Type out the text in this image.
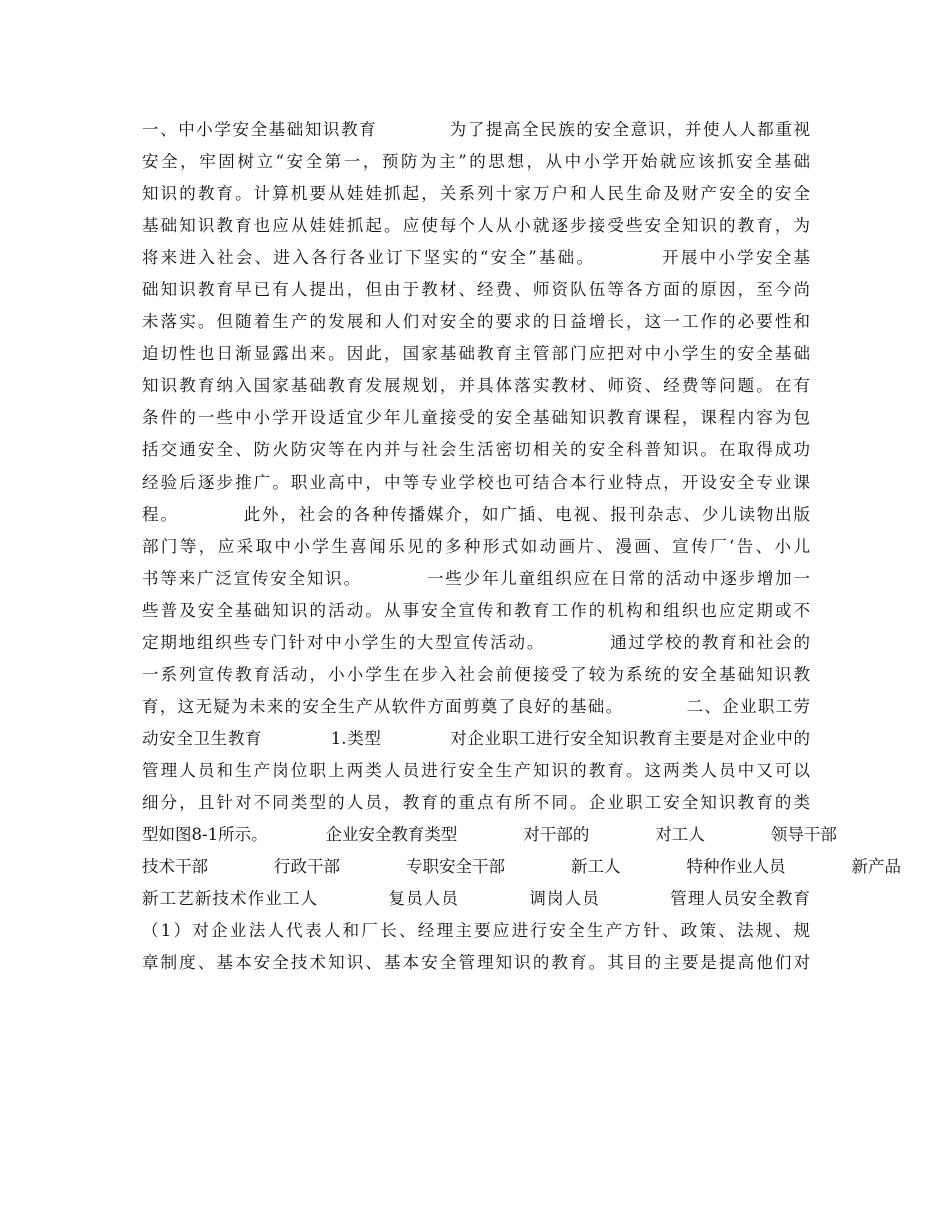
一、中小学安全基础知识教育　　　　为了提高全民族的安全意识，并使人人都重视
安全，牢固树立“安全第一，预防为主”的思想，从中小学开始就应该抓安全基础
知识的教育。计算机要从娃娃抓起，关系列十家万户和人民生命及财产安全的安全
基础知识教育也应从娃娃抓起。应使每个人从小就逐步接受些安全知识的教育，为
将来进入社会、进入各行各业订下坚实的“安全”基础。　　　　开展中小学安全基
础知识教育早已有人提出，但由于教材、经费、师资队伍等各方面的原因，至今尚
未落实。但随着生产的发展和人们对安全的要求的日益增长，这一工作的必要性和
迫切性也日渐显露出来。因此，国家基础教育主管部门应把对中小学生的安全基础
知识教育纳入国家基础教育发展规划，并具体落实教材、师资、经费等问题。在有
条件的一些中小学开设适宜少年儿童接受的安全基础知识教育课程，课程内容为包
括交通安全、防火防灾等在内并与社会生活密切相关的安全科普知识。在取得成功
经验后逐步推广。职业高中，中等专业学校也可结合本行业特点，开设安全专业课
程。　　　　此外，社会的各种传播媒介，如广插、电视、报刊杂志、少儿读物出版
部门等，应采取中小学生喜闻乐见的多种形式如动画片、漫画、宣传厂‘告、小儿
书等来广泛宣传安全知识。　　　　一些少年儿童组织应在日常的活动中逐步增加一
些普及安全基础知识的活动。从事安全宣传和教育工作的机构和组织也应定期或不
定期地组织些专门针对中小学生的大型宣传活动。　　　　通过学校的教育和社会的
一系列宣传教育活动，小小学生在步入社会前便接受了较为系统的安全基础知识教
育，这无疑为未来的安全生产从软件方面剪奠了良好的基础。　　　　二、企业职工劳
动安全卫生教育　　　　1.类型　　　　对企业职工进行安全知识教育主要是对企业中的
管理人员和生产岗位职上两类人员进行安全生产知识的教育。这两类人员中又可以
细分，且针对不同类型的人员，教育的重点有所不同。企业职工安全知识教育的类
型如图8-1所示。　　　　企业安全教育类型　　　　对干部的　　　　对工人　　　　领导干部
技术干部　　　　行政干部　　　　专职安全干部　　　　新工人　　　　特种作业人员　　　　新产品
新工艺新技术作业工人　　　　复员人员　　　　调岗人员　　　　管理人员安全教育
（1）对企业法人代表人和厂长、经理主要应进行安全生产方针、政策、法规、规
章制度、基本安全技术知识、基本安全管理知识的教育。其目的主要是提高他们对
